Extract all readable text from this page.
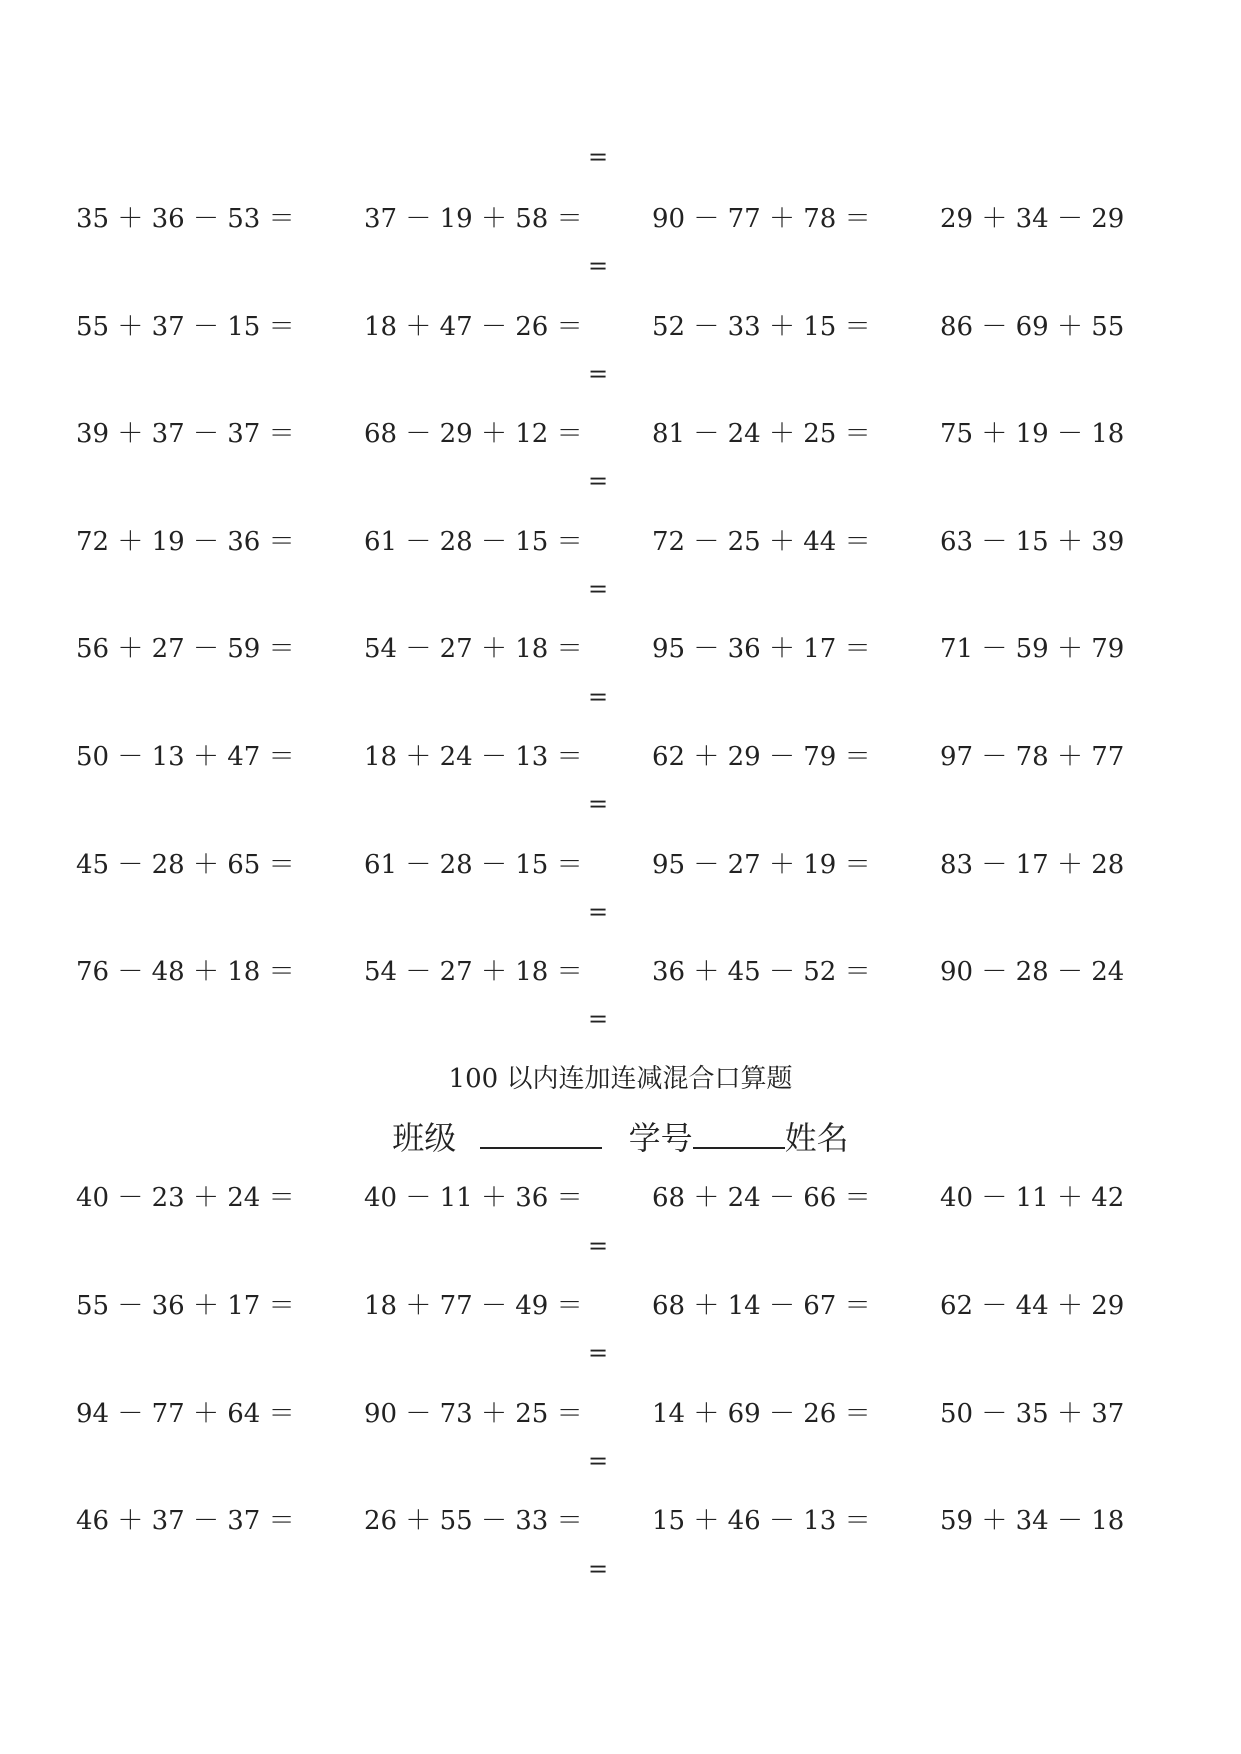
=
35 ＋ 36 － 53 ＝	37 － 19 ＋ 58 ＝	90 － 77 ＋ 78 ＝	29 ＋ 34 － 29
=
55 ＋ 37 － 15 ＝	18 ＋ 47 － 26 ＝	52 － 33 ＋ 15 ＝	86 － 69 ＋ 55
=
39 ＋ 37 － 37 ＝	68 － 29 ＋ 12 ＝	81 － 24 ＋ 25 ＝	75 ＋ 19 － 18
=
72 ＋ 19 － 36 ＝	61 － 28 － 15 ＝	72 － 25 ＋ 44 ＝	63 － 15 ＋ 39
=
56 ＋ 27 － 59 ＝	54 － 27 ＋ 18 ＝	95 － 36 ＋ 17 ＝	71 － 59 ＋ 79
=
50 － 13 ＋ 47 ＝	18 ＋ 24 － 13 ＝	62 ＋ 29 － 79 ＝	97 － 78 ＋ 77
=
45 － 28 ＋ 65 ＝	61 － 28 － 15 ＝	95 － 27 ＋ 19 ＝	83 － 17 ＋ 28
=
76 － 48 ＋ 18 ＝	54 － 27 ＋ 18 ＝	36 ＋ 45 － 52 ＝	90 － 28 － 24
=
100 以内连加连减混合口算题
班级	学号	姓名
40 － 23 ＋ 24 ＝	40 － 11 ＋ 36 ＝	68 ＋ 24 － 66 ＝	40 － 11 ＋ 42
=
55 － 36 ＋ 17 ＝	18 ＋ 77 － 49 ＝	68 ＋ 14 － 67 ＝	62 － 44 ＋ 29
=
94 － 77 ＋ 64 ＝	90 － 73 ＋ 25 ＝	14 ＋ 69 － 26 ＝	50 － 35 ＋ 37
=
46 ＋ 37 － 37 ＝	26 ＋ 55 － 33 ＝	15 ＋ 46 － 13 ＝	59 ＋ 34 － 18
=
